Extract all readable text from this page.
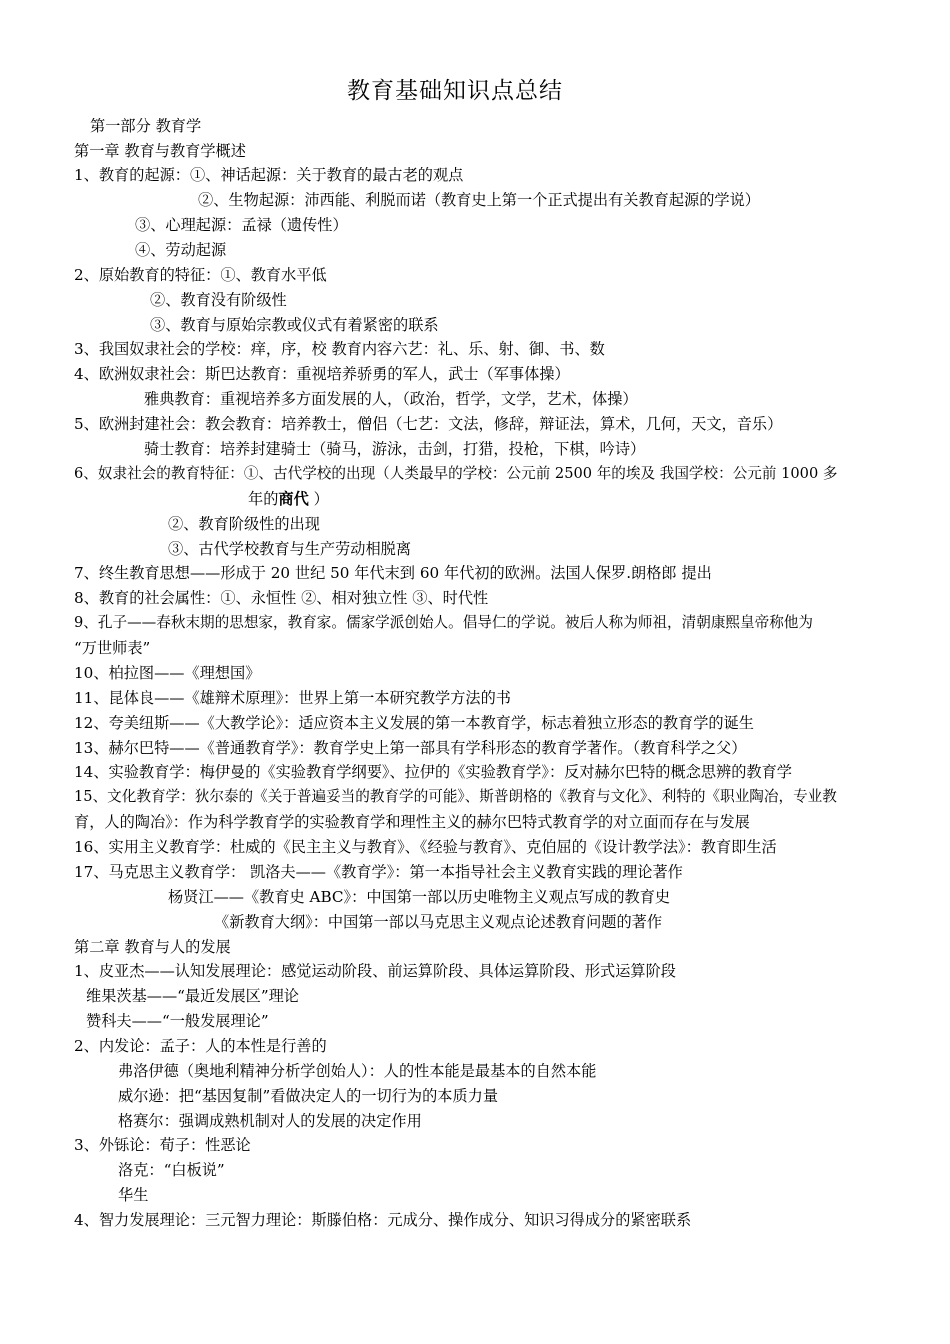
教育基础知识点总结
第一部分 教育学
第一章 教育与教育学概述
1、教育的起源：①、神话起源：关于教育的最古老的观点
②、生物起源：沛西能、利脱而诺（教育史上第一个正式提出有关教育起源的学说）
③、心理起源：孟禄（遗传性）
④、劳动起源
2、原始教育的特征：①、教育水平低
②、教育没有阶级性
③、教育与原始宗教或仪式有着紧密的联系
3、我国奴隶社会的学校：痒，序，校 教育内容六艺：礼、乐、射、御、书、数
4、欧洲奴隶社会：斯巴达教育：重视培养骄勇的军人，武士（军事体操）
雅典教育：重视培养多方面发展的人，（政治，哲学，文学，艺术，体操）
5、欧洲封建社会：教会教育：培养教士，僧侣（七艺：文法，修辞，辩证法，算术，几何，天文，音乐）
骑士教育：培养封建骑士（骑马，游泳，击剑，打猎，投枪，下棋，吟诗）
6、奴隶社会的教育特征：①、古代学校的出现（人类最早的学校：公元前 2500 年的埃及 我国学校：公元前 1000 多
年的商代 ）
②、教育阶级性的出现
③、古代学校教育与生产劳动相脱离
7、终生教育思想——形成于 20 世纪 50 年代末到 60 年代初的欧洲。法国人保罗.朗格郎 提出
8、教育的社会属性：①、永恒性 ②、相对独立性 ③、时代性
9、孔子——春秋末期的思想家，教育家。儒家学派创始人。倡导仁的学说。被后人称为师祖，清朝康熙皇帝称他为
“万世师表”
10、柏拉图——《理想国》
11、昆体良——《雄辩术原理》：世界上第一本研究教学方法的书
12、夸美纽斯——《大教学论》：适应资本主义发展的第一本教育学，标志着独立形态的教育学的诞生
13、赫尔巴特——《普通教育学》：教育学史上第一部具有学科形态的教育学著作。（教育科学之父）
14、实验教育学：梅伊曼的《实验教育学纲要》、拉伊的《实验教育学》：反对赫尔巴特的概念思辨的教育学
15、文化教育学：狄尔泰的《关于普遍妥当的教育学的可能》、斯普朗格的《教育与文化》、利特的《职业陶冶，专业教
育，人的陶冶》：作为科学教育学的实验教育学和理性主义的赫尔巴特式教育学的对立面而存在与发展
16、实用主义教育学：杜威的《民主主义与教育》、《经验与教育》、克伯屈的《设计教学法》：教育即生活
17、马克思主义教育学： 凯洛夫——《教育学》：第一本指导社会主义教育实践的理论著作
杨贤江——《教育史 ABC》：中国第一部以历史唯物主义观点写成的教育史
《新教育大纲》：中国第一部以马克思主义观点论述教育问题的著作
第二章 教育与人的发展
1、皮亚杰——认知发展理论：感觉运动阶段、前运算阶段、具体运算阶段、形式运算阶段
维果茨基——“最近发展区”理论
赞科夫——“一般发展理论”
2、内发论：孟子：人的本性是行善的
弗洛伊德（奥地利精神分析学创始人）：人的性本能是最基本的自然本能
威尔逊：把“基因复制”看做决定人的一切行为的本质力量
格赛尔：强调成熟机制对人的发展的决定作用
3、外铄论：荀子：性恶论
洛克：“白板说”
华生
4、智力发展理论：三元智力理论：斯滕伯格：元成分、操作成分、知识习得成分的紧密联系
